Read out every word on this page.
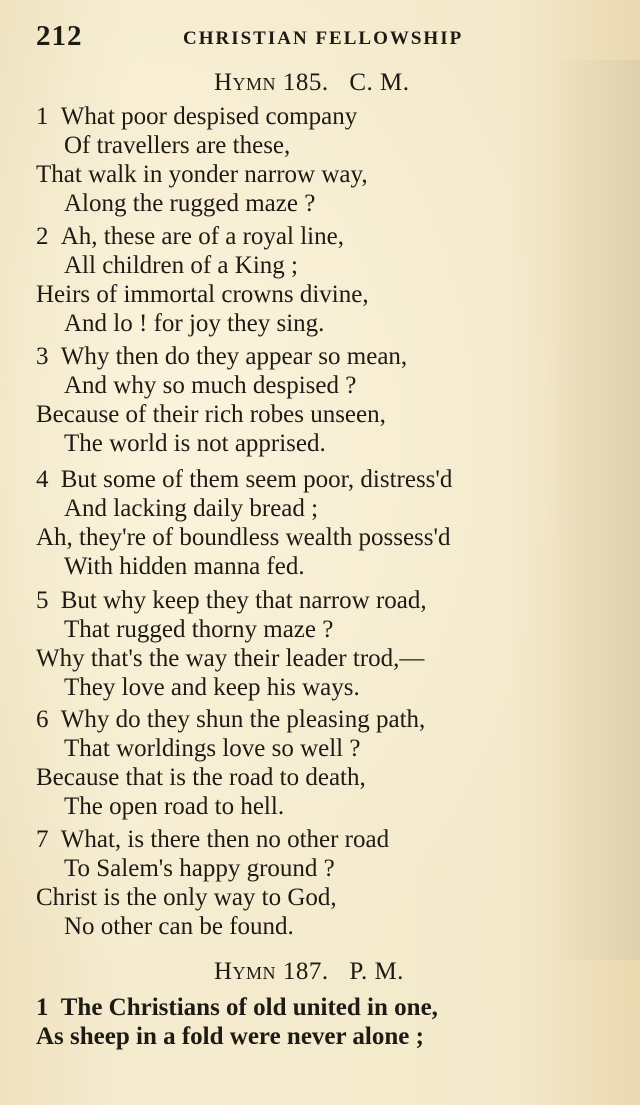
212	CHRISTIAN FELLOWSHIP
Hymn 185. C. M.
1 What poor despised company
Of travellers are these,
That walk in yonder narrow way,
Along the rugged maze ?
2 Ah, these are of a royal line,
All children of a King ;
Heirs of immortal crowns divine,
And lo ! for joy they sing.
3 Why then do they appear so mean,
And why so much despised ?
Because of their rich robes unseen,
The world is not apprised.
4 But some of them seem poor, distress'd
And lacking daily bread ;
Ah, they're of boundless wealth possess'd
With hidden manna fed.
5 But why keep they that narrow road,
That rugged thorny maze ?
Why that's the way their leader trod,—
They love and keep his ways.
6 Why do they shun the pleasing path,
That worldings love so well ?
Because that is the road to death,
The open road to hell.
7 What, is there then no other road
To Salem's happy ground ?
Christ is the only way to God,
No other can be found.
Hymn 187. P. M.
1 The Christians of old united in one,
As sheep in a fold were never alone ;
